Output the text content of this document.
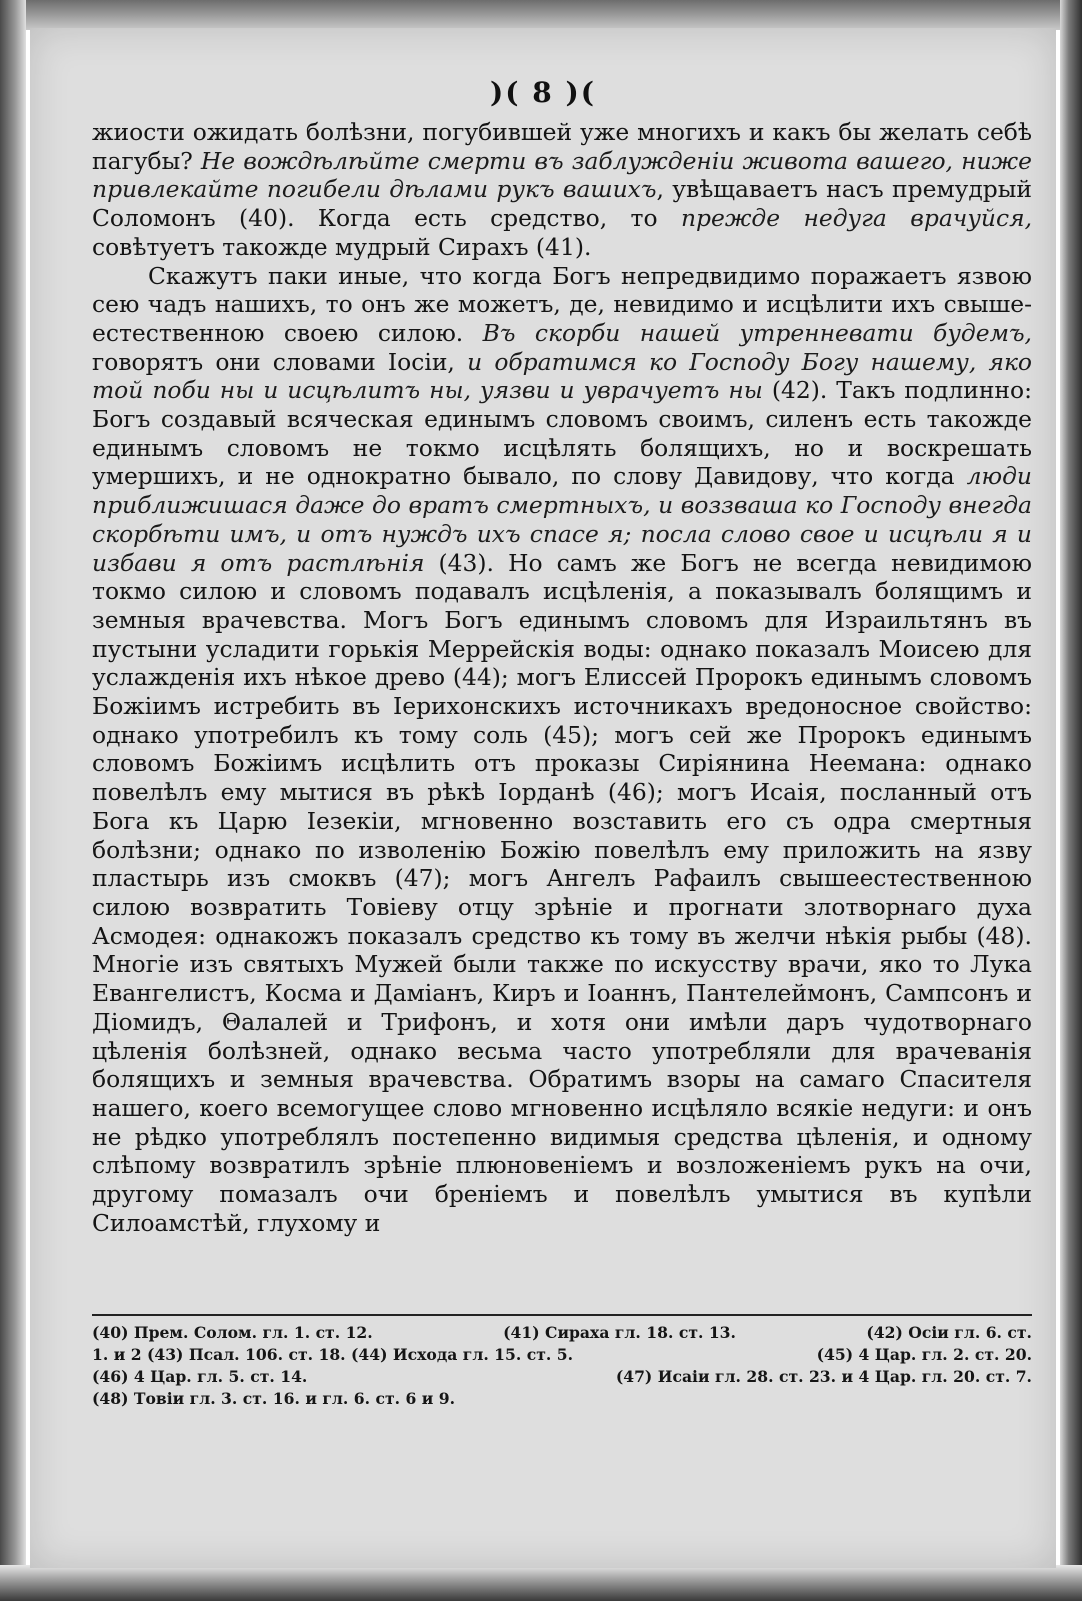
)( 8 )(

жиости ожидать болѣзни, погубившей уже многихъ и какъ бы желать себѣ пагубы? Не вождѣлѣйте смерти въ заблужденiи живота вашего, нижe привлекайте погибели дѣлами рукъ вашихъ, увѣщаваетъ насъ премудрый Соломонъ (40). Когда есть средство, то прежде недуга врачуйся, совѣтуетъ такожде мудрый Сирахъ (41).

Скажутъ паки иные, что когда Богъ непредвидимо поражаетъ язвою сею чадъ нашихъ, то онъ же можетъ, де, невидимо и исцѣлити ихъ свыше-естественною своею силою. Въ скорби нашей утренневати будемъ, говорятъ они словами Iосiи, и обратимся ко Господу Богу нашему, яко той поби ны и исцѣлитъ ны, уязви и уврачуетъ ны (42). Такъ подлинно: Богъ создавый всяческая единымъ словомъ своимъ, силенъ есть такожде единымъ словомъ не токмо исцѣлять болящихъ, но и воскрешать умершихъ, и не однократно бывало, по слову Давидову, что когда люди приближишася даже до вратъ смертныхъ, и воззваша ко Господу внегда скорбѣти имъ, и отъ нуждъ ихъ спасе я; посла слово свое и исцѣли я и избави я отъ растлѣнiя (43). Но самъ же Богъ не всегда невидимою токмо силою и словомъ подавалъ исцѣленiя, а показывалъ болящимъ и земныя врачевства. Могъ Богъ единымъ словомъ для Израильтянъ въ пустыни усладити горькiя Меррейскiя воды: однако показалъ Моисею для услажденiя ихъ нѣкое древо (44); могъ Елиссей Пророкъ единымъ словомъ Божiимъ истребить въ Iерихонскихъ источникахъ вредоносное свойство: однако употребилъ къ тому соль (45); могъ сей же Пророкъ единымъ словомъ Божiимъ исцѣлить отъ проказы Сирiянина Неемана: однако повелѣлъ ему мытися въ рѣкѣ Iорданѣ (46); могъ Исаiя, посланный отъ Бога къ Царю Iезекiи, мгновенно возставить его съ одра смертныя болѣзни; однако по изволенiю Божiю повелѣлъ ему приложить на язву пластырь изъ смоквъ (47); могъ Ангелъ Рафаилъ свышеестественною силою возвратить Товiеву отцу зрѣнiе и прогнати злотворнаго духа Асмодея: однакожъ показалъ средство къ тому въ желчи нѣкiя рыбы (48). Многiе изъ святыхъ Мужей были также по искусству врачи, яко то Лука Евангелистъ, Косма и Дамiанъ, Киръ и Iоаннъ, Пантелеймонъ, Сампсонъ и Дiомидъ, Θалалей и Трифонъ, и хотя они имѣли даръ чудотворнаго цѣленiя болѣзней, однако весьма часто употребляли для врачеванiя болящихъ и земныя врачевства. Обратимъ взоры на самаго Спасителя нашего, коего всемогущее слово мгновенно исцѣляло всякiе недуги: и онъ не рѣдко употреблялъ постепенно видимыя средства цѣленiя, и одному слѣпому возвратилъ зрѣнiе плюновенiемъ и возложенiемъ рукъ на очи, другому помазалъ очи бренiемъ и повелѣлъ умытися въ купѣли Силоамстѣй, глухому и

(40) Прем. Солом. гл. 1. ст. 12.	(41) Сираха гл. 18. ст. 13.	(42) Осiи гл. 6. ст.
1. и 2 (43) Псал. 106. ст. 18. (44) Исхода гл. 15. ст. 5.	(45) 4 Цар. гл. 2. ст. 20.
(46) 4 Цар. гл. 5. ст. 14.	(47) Исаiи гл. 28. ст. 23. и 4 Цар. гл. 20. ст. 7.
(48) Товiи гл. 3. ст. 16. и гл. 6. ст. 6 и 9.
